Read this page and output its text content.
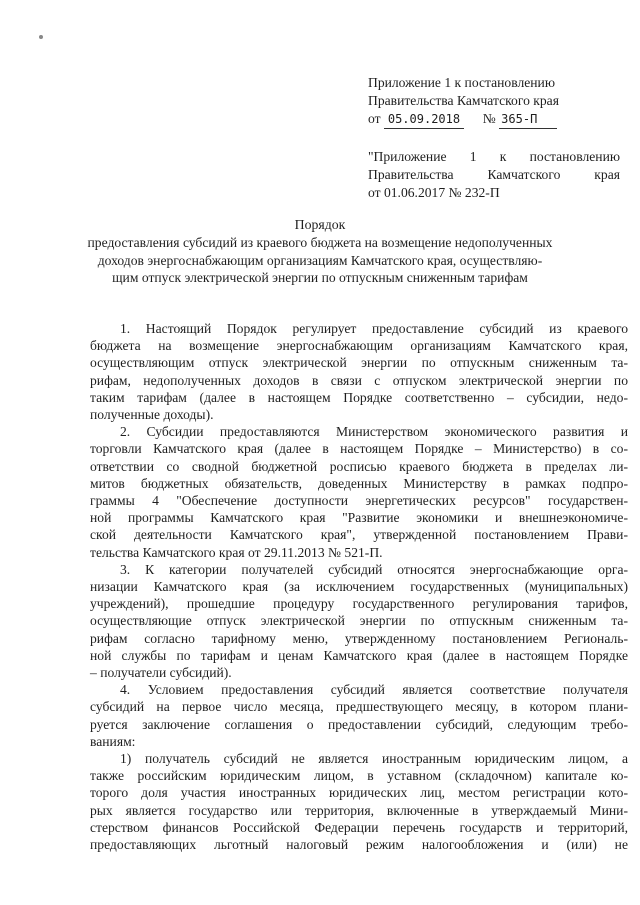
Приложение 1 к постановлению
Правительства Камчатского края
от 05.09.2018 № 365-П
"Приложение 1 к постановлению
Правительства Камчатского края
от 01.06.2017 № 232-П
Порядок
предоставления субсидий из краевого бюджета на возмещение недополученных
доходов энергоснабжающим организациям Камчатского края, осуществляю-
щим отпуск электрической энергии по отпускным сниженным тарифам
1. Настоящий Порядок регулирует предоставление субсидий из краевого
бюджета на возмещение энергоснабжающим организациям Камчатского края,
осуществляющим отпуск электрической энергии по отпускным сниженным та-
рифам, недополученных доходов в связи с отпуском электрической энергии по
таким тарифам (далее в настоящем Порядке соответственно – субсидии, недо-
полученные доходы).
2. Субсидии предоставляются Министерством экономического развития и
торговли Камчатского края (далее в настоящем Порядке – Министерство) в со-
ответствии со сводной бюджетной росписью краевого бюджета в пределах ли-
митов бюджетных обязательств, доведенных Министерству в рамках подпро-
граммы 4 "Обеспечение доступности энергетических ресурсов" государствен-
ной программы Камчатского края "Развитие экономики и внешнеэкономиче-
ской деятельности Камчатского края", утвержденной постановлением Прави-
тельства Камчатского края от 29.11.2013 № 521-П.
3. К категории получателей субсидий относятся энергоснабжающие орга-
низации Камчатского края (за исключением государственных (муниципальных)
учреждений), прошедшие процедуру государственного регулирования тарифов,
осуществляющие отпуск электрической энергии по отпускным сниженным та-
рифам согласно тарифному меню, утвержденному постановлением Региональ-
ной службы по тарифам и ценам Камчатского края (далее в настоящем Порядке
– получатели субсидий).
4. Условием предоставления субсидий является соответствие получателя
субсидий на первое число месяца, предшествующего месяцу, в котором плани-
руется заключение соглашения о предоставлении субсидий, следующим требо-
ваниям:
1) получатель субсидий не является иностранным юридическим лицом, а
также российским юридическим лицом, в уставном (складочном) капитале ко-
торого доля участия иностранных юридических лиц, местом регистрации кото-
рых является государство или территория, включенные в утверждаемый Мини-
стерством финансов Российской Федерации перечень государств и территорий,
предоставляющих льготный налоговый режим налогообложения и (или) не
